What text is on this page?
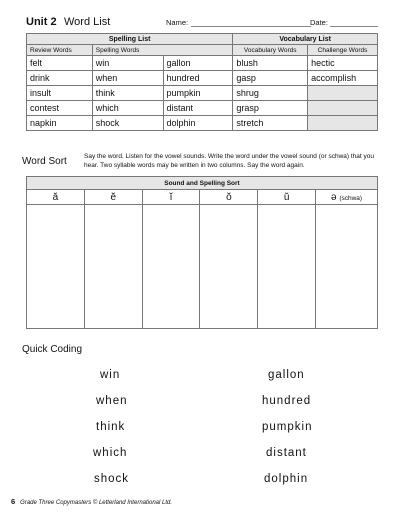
Unit 2 Word List	Name:	Date:
Spelling List			Vocabulary List	
Review Words	Spelling Words		Vocabulary Words	Challenge Words
felt	win	gallon	blush	hectic
drink	when	hundred	gasp	accomplish
insult	think	pumpkin	shrug	
contest	which	distant	grasp	
napkin	shock	dolphin	stretch	
Word Sort	Say the word. Listen for the vowel sounds. Write the word under the vowel sound (or schwa) that you hear. Two syllable words may be written in two columns. Say the word again.
Sound and Spelling Sort					
ă	ĕ	ĭ	ŏ	ŭ	ə (schwa)

Quick Coding
win
when
think
which
shock
gallon
hundred
pumpkin
distant
dolphin
6 Grade Three Copymasters © Letterland International Ltd.
